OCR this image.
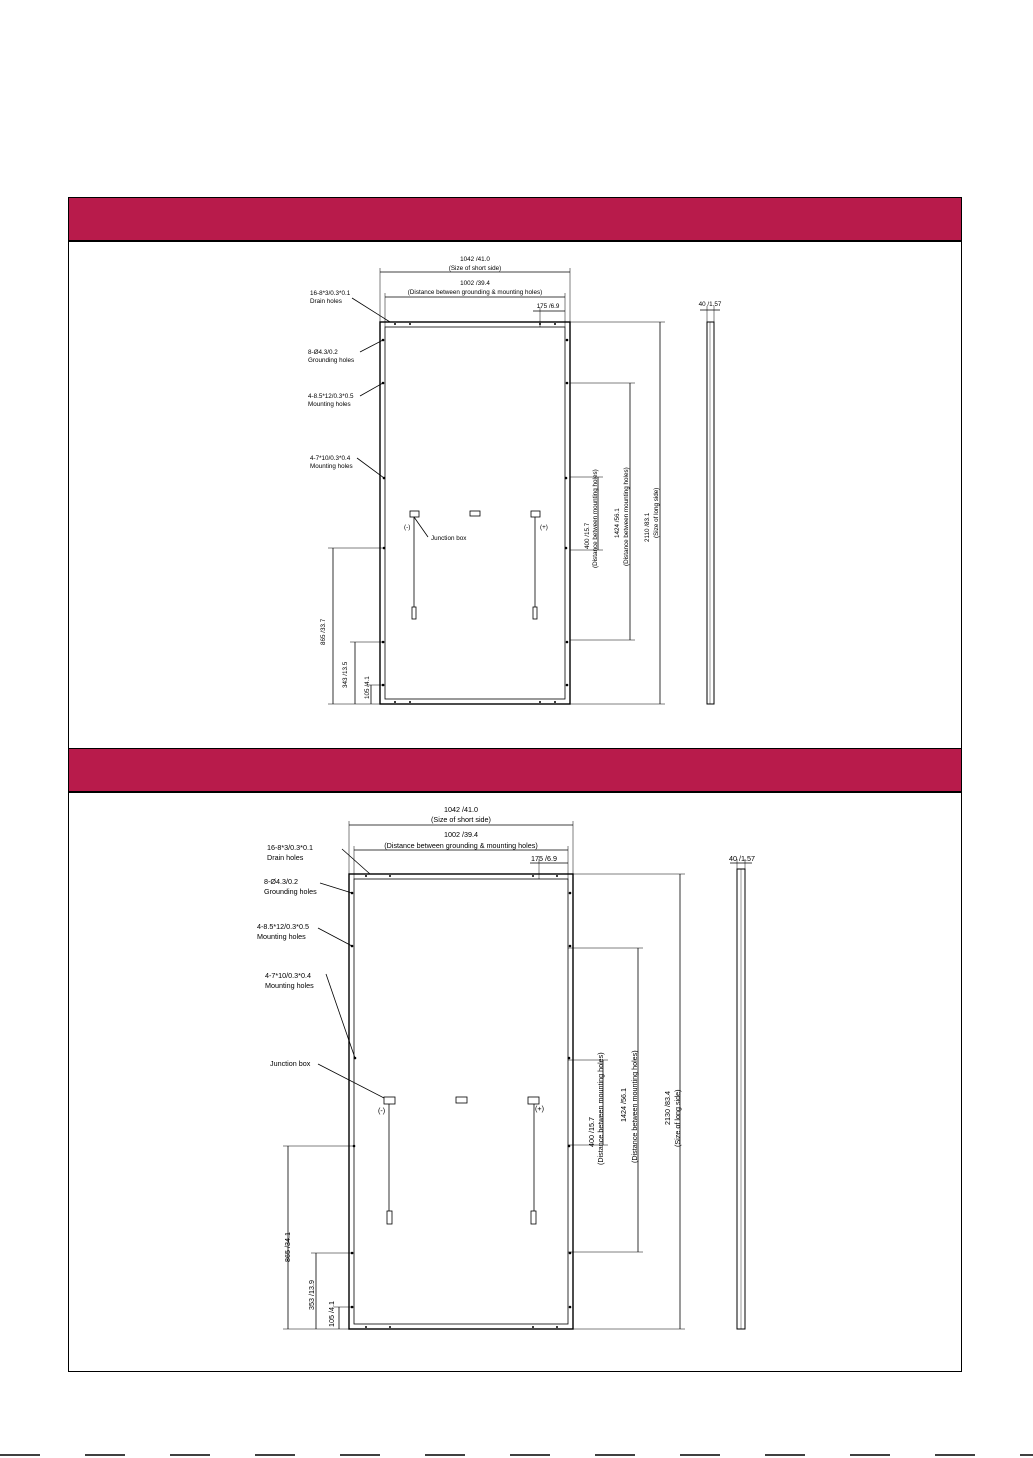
1042 /41.0
(Size of short side)
1002 /39.4
(Distance between grounding & mounting holes)
175 /6.9	40 /1.57
16-8*3/0.3*0.1
Drain holes
8-Ø4.3/0.2
Grounding holes
4-8.5*12/0.3*0.5
Mounting holes
4-7*10/0.3*0.4
Mounting holes
Junction box
(-)	(+)	400 /15.7 (Distance between mounting holes) 1424 /56.1 (Distance between mounting holes) 2110 /83.1 (Size of long side)
865 /33.7
343 /13.5 105 /4.1
1042 /41.0
(Size of short side)
1002 /39.4
(Distance between grounding & mounting holes)
175 /6.9	40 /1.57
16-8*3/0.3*0.1
Drain holes
8-Ø4.3/0.2
Grounding holes
4-8.5*12/0.3*0.5
Mounting holes
4-7*10/0.3*0.4
Mounting holes
Junction box
(-)	(+)
400 /15.7 (Distance between mounting holes) 1424 /56.1 (Distance between mounting holes)	2130 /83.4 (Size of long side)
865 /34.1
353 /13.9
105 /4.1
